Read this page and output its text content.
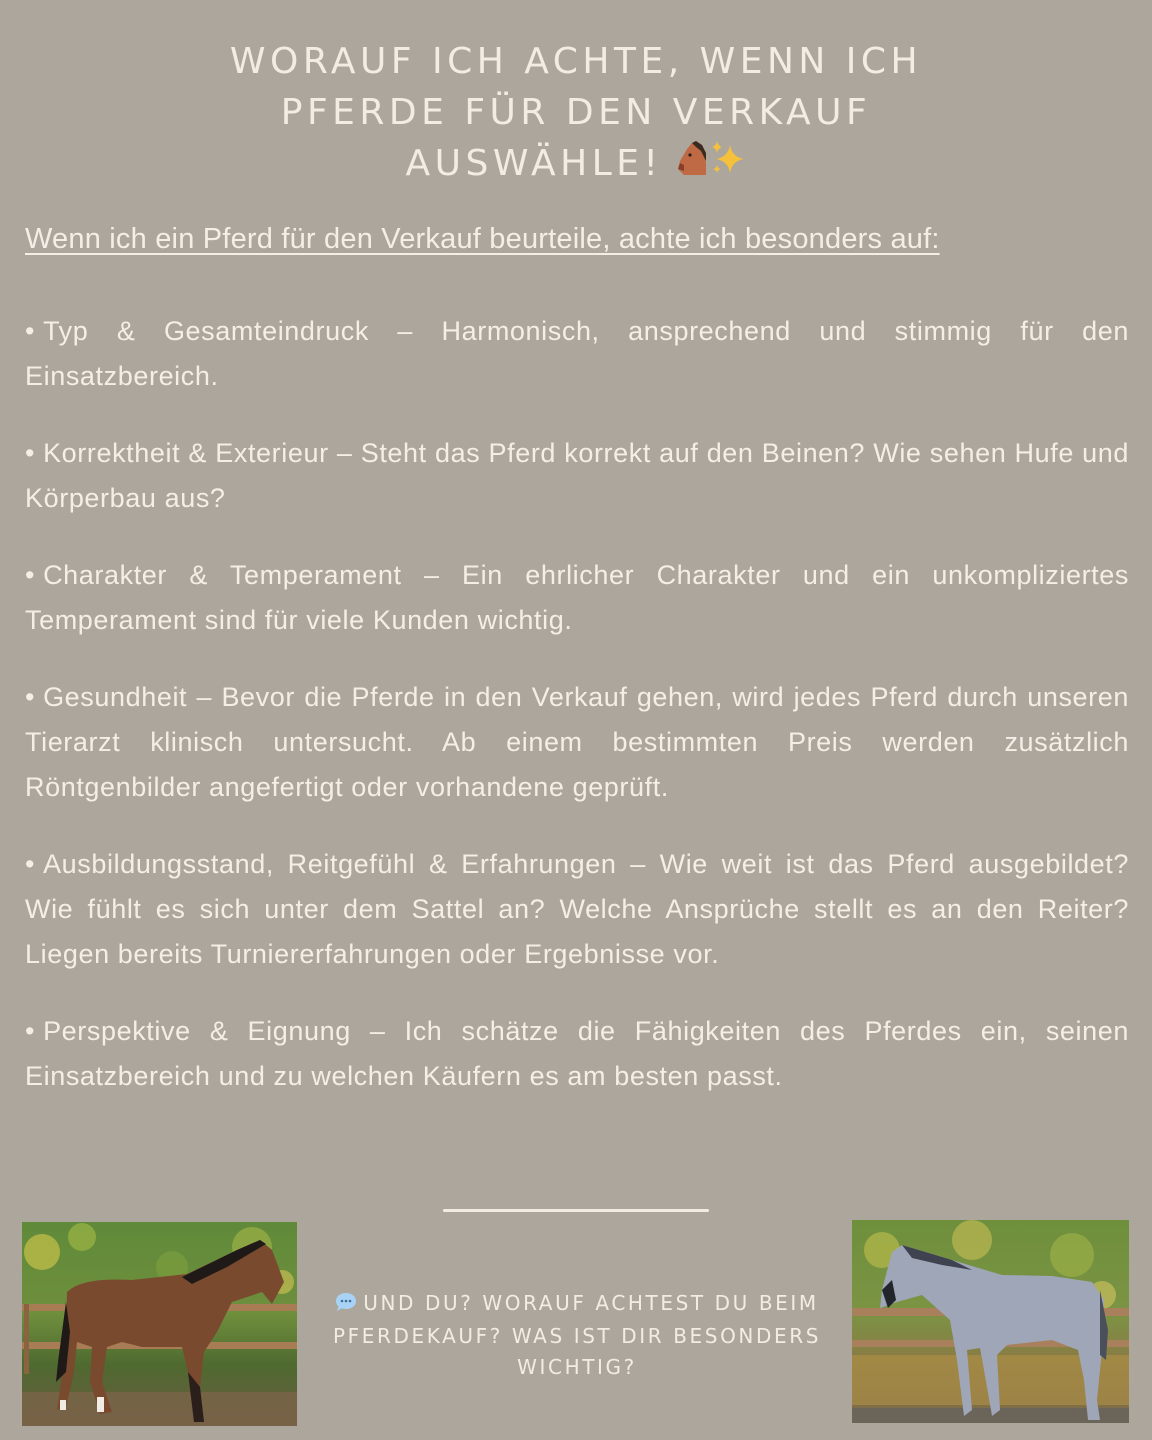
WORAUF ICH ACHTE, WENN ICH
PFERDE FÜR DEN VERKAUF
AUSWÄHLE!
Wenn ich ein Pferd für den Verkauf beurteile, achte ich besonders auf:
• Typ & Gesamteindruck – Harmonisch, ansprechend und stimmig für den Einsatzbereich.
• Korrektheit & Exterieur – Steht das Pferd korrekt auf den Beinen? Wie sehen Hufe und Körperbau aus?
• Charakter & Temperament – Ein ehrlicher Charakter und ein unkompliziertes Temperament sind für viele Kunden wichtig.
• Gesundheit – Bevor die Pferde in den Verkauf gehen, wird jedes Pferd durch unseren Tierarzt klinisch untersucht. Ab einem bestimmten Preis werden zusätzlich Röntgenbilder angefertigt oder vorhandene geprüft.
• Ausbildungsstand, Reitgefühl & Erfahrungen – Wie weit ist das Pferd ausgebildet? Wie fühlt es sich unter dem Sattel an? Welche Ansprüche stellt es an den Reiter? Liegen bereits Turniererfahrungen oder Ergebnisse vor.
• Perspektive & Eignung – Ich schätze die Fähigkeiten des Pferdes ein, seinen Einsatzbereich und zu welchen Käufern es am besten passt.
UND DU? WORAUF ACHTEST DU BEIM PFERDEKAUF? WAS IST DIR BESONDERS WICHTIG?
